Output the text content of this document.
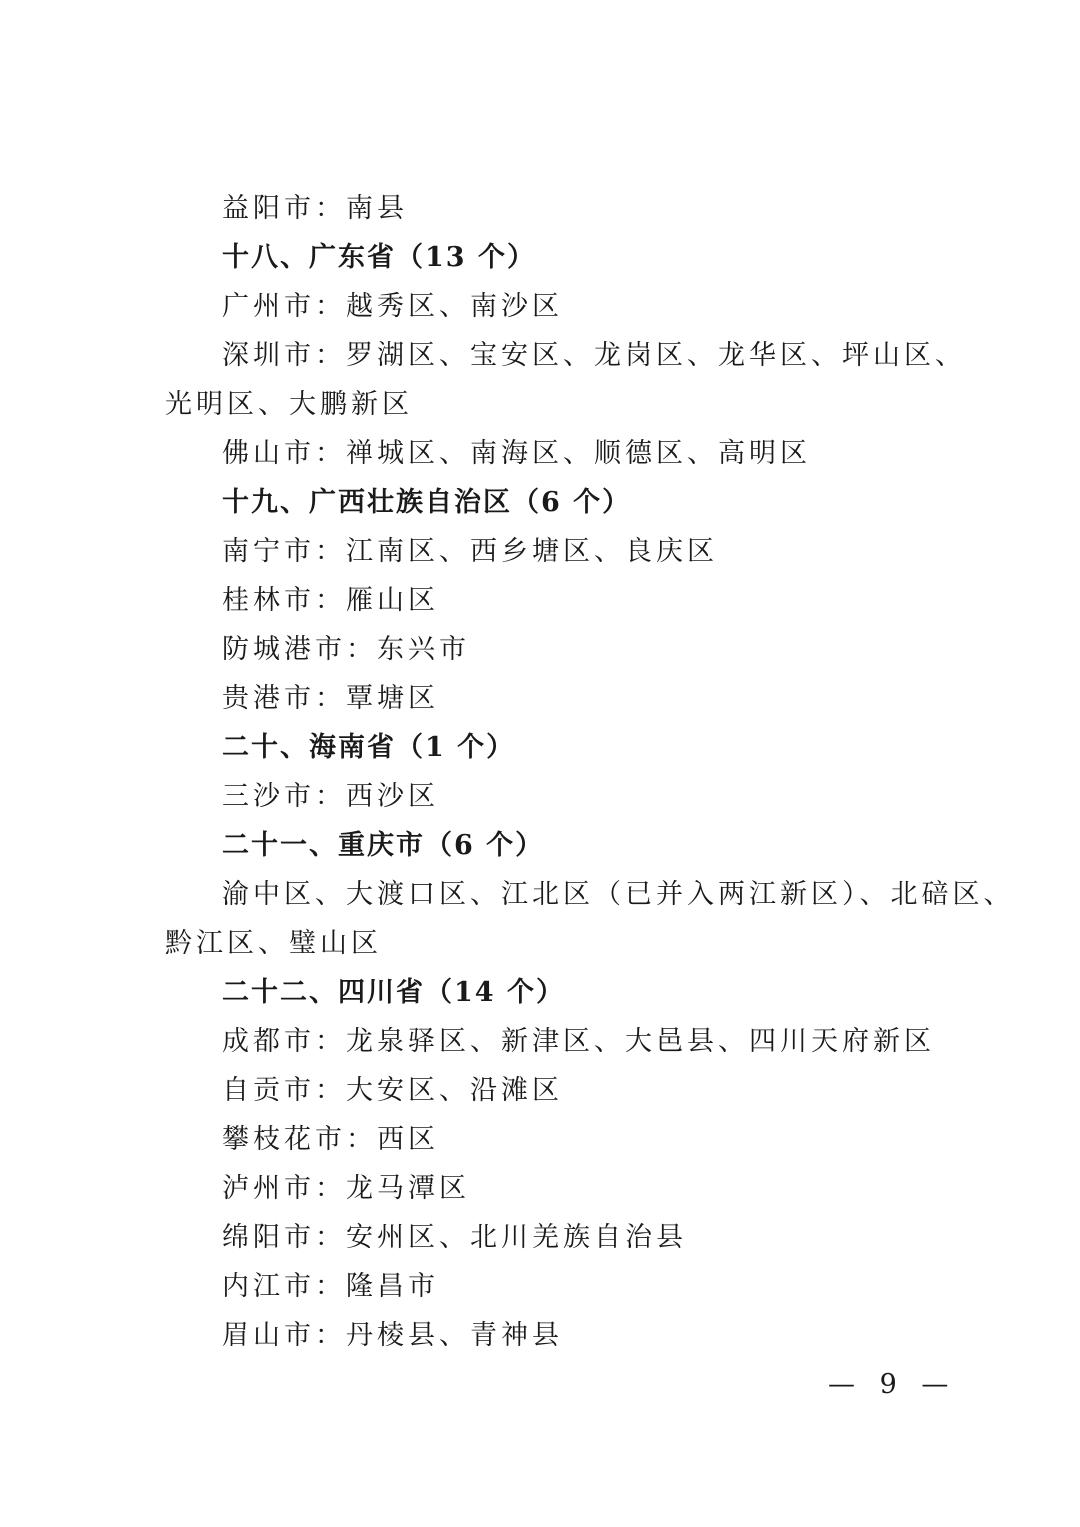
益阳市：南县
十八、广东省（13 个）
广州市：越秀区、南沙区
深圳市：罗湖区、宝安区、龙岗区、龙华区、坪山区、
光明区、大鹏新区
佛山市：禅城区、南海区、顺德区、高明区
十九、广西壮族自治区（6 个）
南宁市：江南区、西乡塘区、良庆区
桂林市：雁山区
防城港市：东兴市
贵港市：覃塘区
二十、海南省（1 个）
三沙市：西沙区
二十一、重庆市（6 个）
渝中区、大渡口区、江北区（已并入两江新区）、北碚区、
黔江区、璧山区
二十二、四川省（14 个）
成都市：龙泉驿区、新津区、大邑县、四川天府新区
自贡市：大安区、沿滩区
攀枝花市：西区
泸州市：龙马潭区
绵阳市：安州区、北川羌族自治县
内江市：隆昌市
眉山市：丹棱县、青神县
— 9 —
